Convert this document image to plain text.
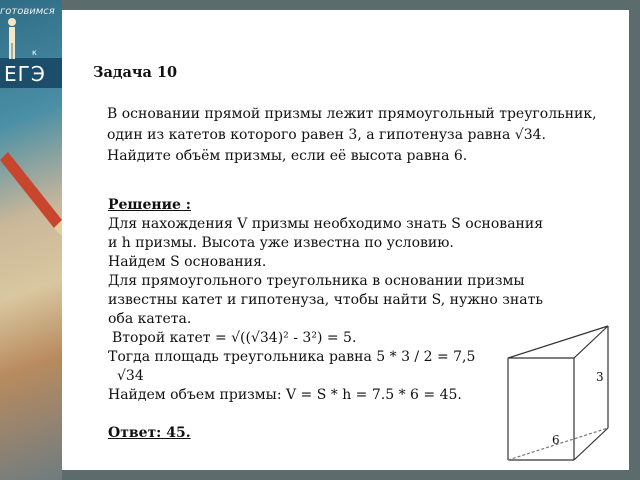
готовимся
к
ЕГЭ	Задача 10

В основании прямой призмы лежит прямоугольный треугольник, один из катетов которого равен 3, а гипотенуза равна √34. Найдите объём призмы, если её высота равна 6.

Решение :
Для нахождения V призмы необходимо знать S основания
и h призмы. Высота уже известна по условию.
Найдем S основания.
Для прямоугольного треугольника в основании призмы
известны катет и гипотенуза, чтобы найти S, нужно знать
оба катета.
Второй катет = √((√34)² - 3²) = 5.
Тогда площадь треугольника равна 5 * 3 / 2 = 7,5
√34
Найдем объем призмы: V = S * h = 7.5 * 6 = 45.
Ответ: 45.
3
6
